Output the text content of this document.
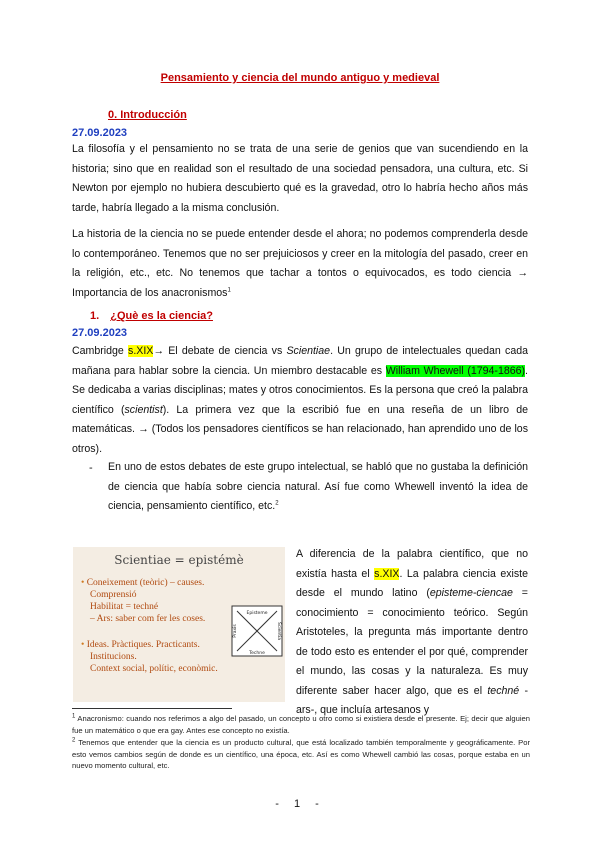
Pensamiento y ciencia del mundo antiguo y medieval
0. Introducción
27.09.2023
La filosofía y el pensamiento no se trata de una serie de genios que van sucendiendo en la historia; sino que en realidad son el resultado de una sociedad pensadora, una cultura, etc. Si Newton por ejemplo no hubiera descubierto qué es la gravedad, otro lo habría hecho años más tarde, habría llegado a la misma conclusión.
La historia de la ciencia no se puede entender desde el ahora; no podemos comprenderla desde lo contemporáneo. Tenemos que no ser prejuiciosos y creer en la mitología del pasado, creer en la religión, etc., etc. No tenemos que tachar a tontos o equivocados, es todo ciencia → Importancia de los anacronismos$^1$
1. ¿Què es la ciencia?
27.09.2023
Cambridge s.XIX→ El debate de ciencia vs Scientiae. Un grupo de intelectuales quedan cada mañana para hablar sobre la ciencia. Un miembro destacable es William Whewell (1794-1866). Se dedicaba a varias disciplinas; mates y otros conocimientos. Es la persona que creó la palabra científico (scientist). La primera vez que la escribió fue en una reseña de un libro de matemáticas. → (Todos los pensadores científicos se han relacionado, han aprendido uno de los otros).
- En uno de estos debates de este grupo intelectual, se habló que no gustaba la definición de ciencia que había sobre ciencia natural. Así fue como Whewell inventó la idea de ciencia, pensamiento científico, etc.$^2$
Scientiae = epistémè
• Coneixement (teòric) – causes.
Comprensió
Habilitat = techné
– Ars: saber com fer les coses.
• Ideas. Pràctiques. Practicants.
Institucions.
Context social, polític, econòmic.
Episteme
Techne
Praxis	Scientia
A diferencia de la palabra científico, que no existía hasta el s.XIX. La palabra ciencia existe desde el mundo latino (episteme-ciencae = conocimiento = conocimiento teórico. Según Aristoteles, la pregunta más importante dentro de todo esto es entender el por qué, comprender el mundo, las cosas y la naturaleza. Es muy diferente saber hacer algo, que es el techné -ars-, que incluía artesanos y
$^1$ Anacronismo: cuando nos referimos a algo del pasado, un concepto u otro como si existiera desde el presente. Ej; decir que alguien fue un matemático o que era gay. Antes ese concepto no existía.
$^2$ Tenemos que entender que la ciencia es un producto cultural, que está localizado también temporalmente y geográficamente. Por esto vemos cambios según de donde es un científico, una época, etc. Así es como Whewell cambió las cosas, porque estaba en un nuevo momento cultural, etc.
- 1 -
